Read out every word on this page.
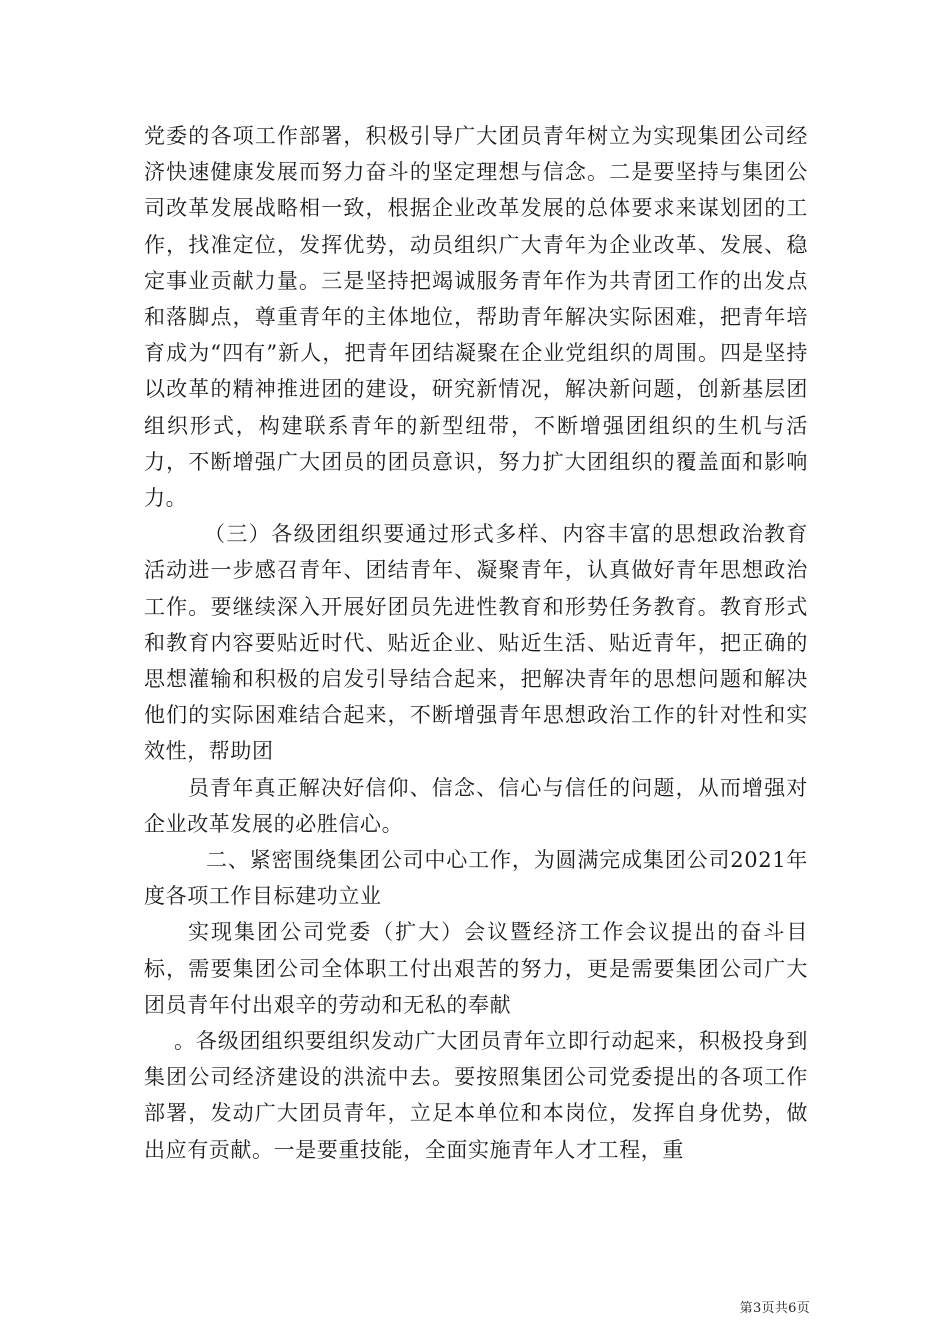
党委的各项工作部署，积极引导广大团员青年树立为实现集团公司经济快速健康发展而努力奋斗的坚定理想与信念。二是要坚持与集团公司改革发展战略相一致，根据企业改革发展的总体要求来谋划团的工作，找准定位，发挥优势，动员组织广大青年为企业改革、发展、稳定事业贡献力量。三是坚持把竭诚服务青年作为共青团工作的出发点和落脚点，尊重青年的主体地位，帮助青年解决实际困难，把青年培育成为“四有”新人，把青年团结凝聚在企业党组织的周围。四是坚持以改革的精神推进团的建设，研究新情况，解决新问题，创新基层团组织形式，构建联系青年的新型纽带，不断增强团组织的生机与活力，不断增强广大团员的团员意识，努力扩大团组织的覆盖面和影响力。

（三）各级团组织要通过形式多样、内容丰富的思想政治教育活动进一步感召青年、团结青年、凝聚青年，认真做好青年思想政治工作。要继续深入开展好团员先进性教育和形势任务教育。教育形式和教育内容要贴近时代、贴近企业、贴近生活、贴近青年，把正确的思想灌输和积极的启发引导结合起来，把解决青年的思想问题和解决他们的实际困难结合起来，不断增强青年思想政治工作的针对性和实效性，帮助团

员青年真正解决好信仰、信念、信心与信任的问题，从而增强对企业改革发展的必胜信心。

二、紧密围绕集团公司中心工作，为圆满完成集团公司2021年度各项工作目标建功立业

实现集团公司党委（扩大）会议暨经济工作会议提出的奋斗目标，需要集团公司全体职工付出艰苦的努力，更是需要集团公司广大团员青年付出艰辛的劳动和无私的奉献

。各级团组织要组织发动广大团员青年立即行动起来，积极投身到集团公司经济建设的洪流中去。要按照集团公司党委提出的各项工作部署，发动广大团员青年，立足本单位和本岗位，发挥自身优势，做出应有贡献。一是要重技能，全面实施青年人才工程，重

第3页共6页
